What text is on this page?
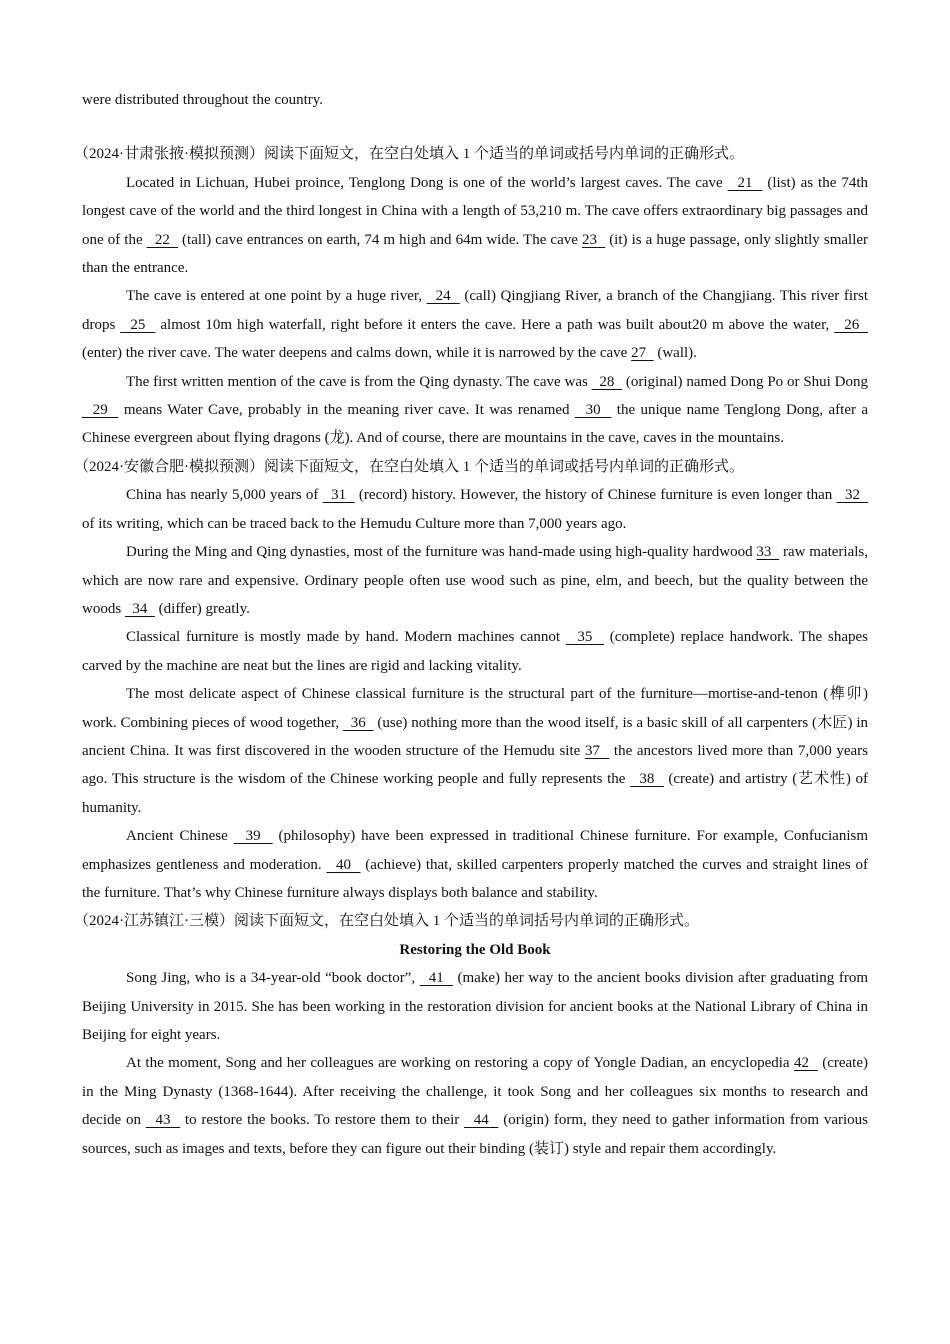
were distributed throughout the country.

（2024·甘肃张掖·模拟预测）阅读下面短文，在空白处填入 1 个适当的单词或括号内单词的正确形式。

Located in Lichuan, Hubei proince, Tenglong Dong is one of the world’s largest caves. The cave   21   (list) as the 74th longest cave of the world and the third longest in China with a length of 53,210 m. The cave offers extraordinary big passages and one of the   22   (tall) cave entrances on earth, 74 m high and 64m wide. The cave 23   (it) is a huge passage, only slightly smaller than the entrance.

The cave is entered at one point by a huge river,   24   (call) Qingjiang River, a branch of the Changjiang. This river first drops   25   almost 10m high waterfall, right before it enters the cave. Here a path was built about20 m above the water,   26   (enter) the river cave. The water deepens and calms down, while it is narrowed by the cave 27   (wall).

The first written mention of the cave is from the Qing dynasty. The cave was   28   (original) named Dong Po or Shui Dong   29   means Water Cave, probably in the meaning river cave. It was renamed   30   the unique name Tenglong Dong, after a Chinese evergreen about flying dragons (龙). And of course, there are mountains in the cave, caves in the mountains.

（2024·安徽合肥·模拟预测）阅读下面短文，在空白处填入 1 个适当的单词或括号内单词的正确形式。

China has nearly 5,000 years of   31   (record) history. However, the history of Chinese furniture is even longer than   32   of its writing, which can be traced back to the Hemudu Culture more than 7,000 years ago.

During the Ming and Qing dynasties, most of the furniture was hand-made using high-quality hardwood 33   raw materials, which are now rare and expensive. Ordinary people often use wood such as pine, elm, and beech, but the quality between the woods   34   (differ) greatly.

Classical furniture is mostly made by hand. Modern machines cannot   35   (complete) replace handwork. The shapes carved by the machine are neat but the lines are rigid and lacking vitality.

The most delicate aspect of Chinese classical furniture is the structural part of the furniture—mortise-and-tenon (榫卯) work. Combining pieces of wood together,   36   (use) nothing more than the wood itself, is a basic skill of all carpenters (木匠) in ancient China. It was first discovered in the wooden structure of the Hemudu site 37   the ancestors lived more than 7,000 years ago. This structure is the wisdom of the Chinese working people and fully represents the   38   (create) and artistry (艺术性) of humanity.

Ancient Chinese   39   (philosophy) have been expressed in traditional Chinese furniture. For example, Confucianism emphasizes gentleness and moderation.   40   (achieve) that, skilled carpenters properly matched the curves and straight lines of the furniture. That’s why Chinese furniture always displays both balance and stability.

（2024·江苏镇江·三模）阅读下面短文，在空白处填入 1 个适当的单词括号内单词的正确形式。

Restoring the Old Book

Song Jing, who is a 34-year-old “book doctor”,   41   (make) her way to the ancient books division after graduating from Beijing University in 2015. She has been working in the restoration division for ancient books at the National Library of China in Beijing for eight years.

At the moment, Song and her colleagues are working on restoring a copy of Yongle Dadian, an encyclopedia 42   (create) in the Ming Dynasty (1368-1644). After receiving the challenge, it took Song and her colleagues six months to research and decide on   43   to restore the books. To restore them to their   44   (origin) form, they need to gather information from various sources, such as images and texts, before they can figure out their binding (装订) style and repair them accordingly.
